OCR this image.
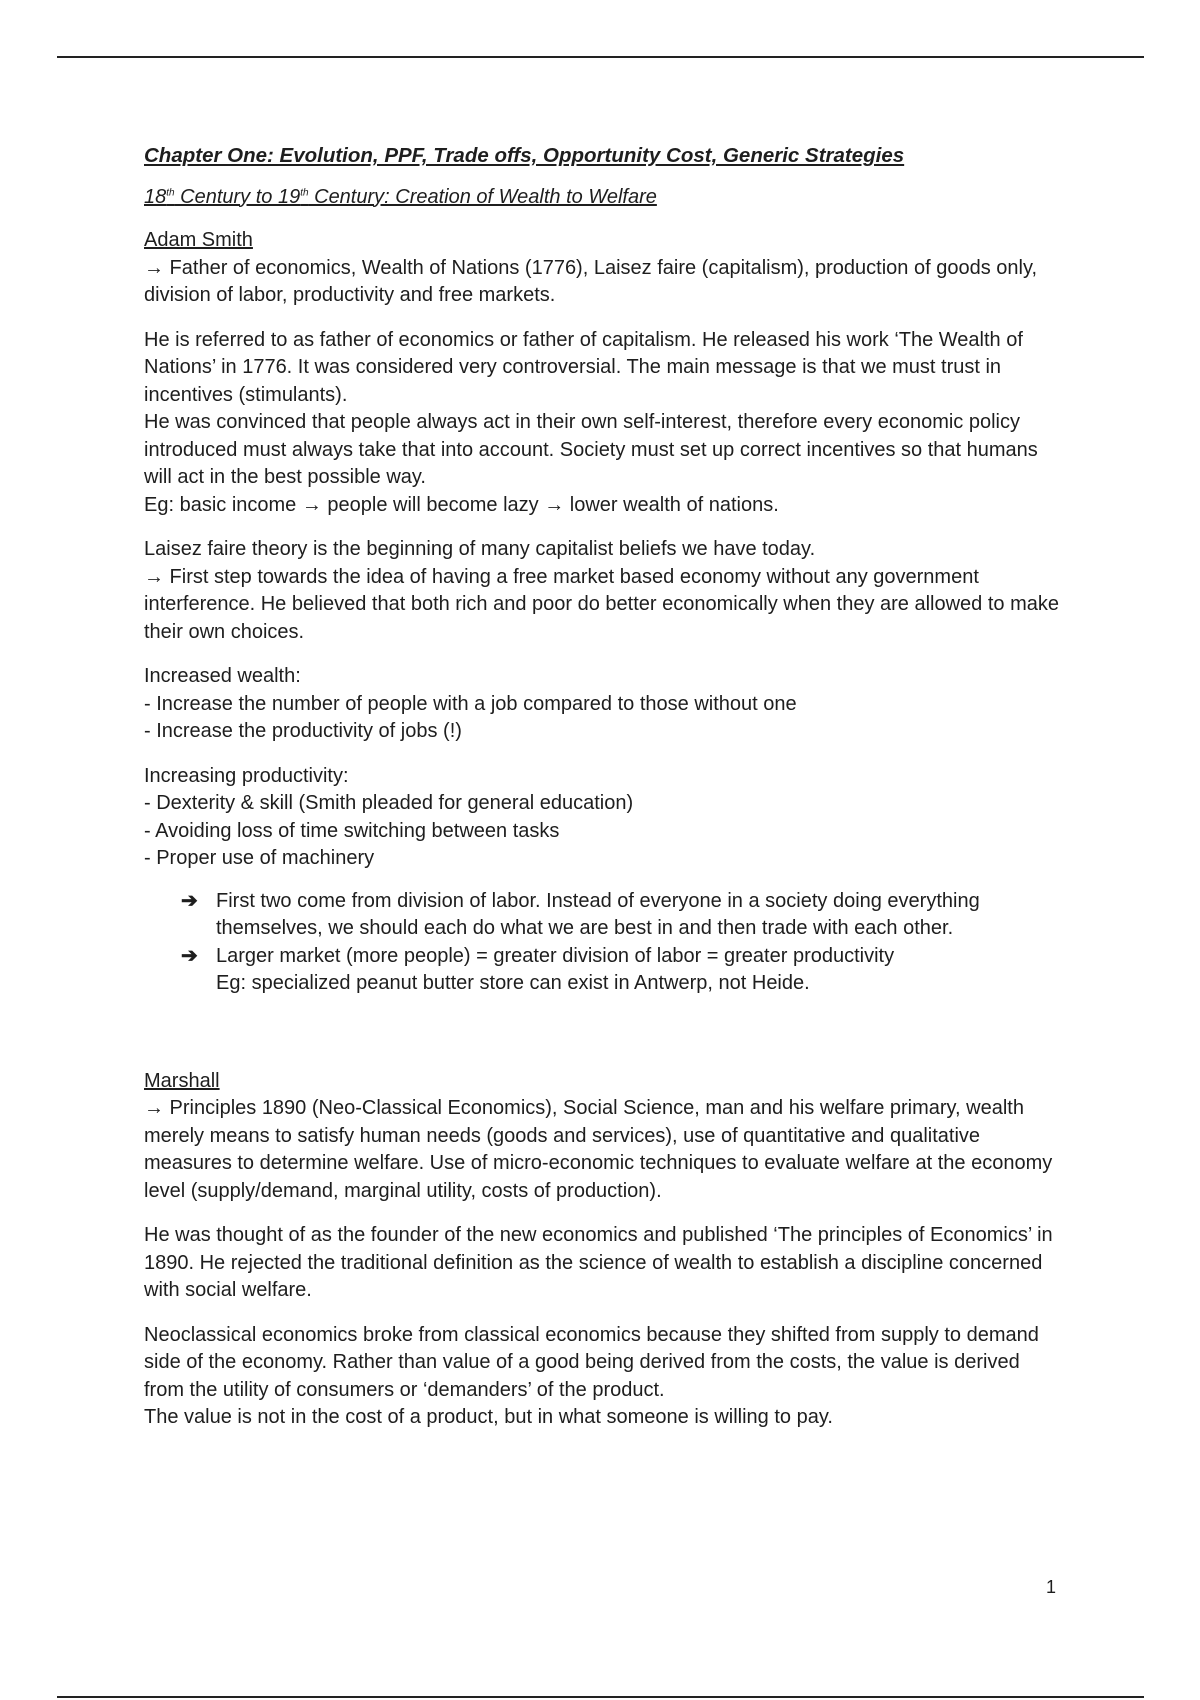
Chapter One: Evolution, PPF, Trade offs, Opportunity Cost, Generic Strategies

18th Century to 19th Century: Creation of Wealth to Welfare

Adam Smith

→ Father of economics, Wealth of Nations (1776), Laisez faire (capitalism), production of goods only, division of labor, productivity and free markets.

He is referred to as father of economics or father of capitalism. He released his work ‘The Wealth of Nations’ in 1776. It was considered very controversial. The main message is that we must trust in incentives (stimulants).

He was convinced that people always act in their own self-interest, therefore every economic policy introduced must always take that into account. Society must set up correct incentives so that humans will act in the best possible way.

Eg: basic income → people will become lazy → lower wealth of nations.

Laisez faire theory is the beginning of many capitalist beliefs we have today.

→ First step towards the idea of having a free market based economy without any government interference. He believed that both rich and poor do better economically when they are allowed to make their own choices.

Increased wealth:

- Increase the number of people with a job compared to those without one

- Increase the productivity of jobs (!)

Increasing productivity:

- Dexterity & skill (Smith pleaded for general education)

- Avoiding loss of time switching between tasks

- Proper use of machinery

➔ First two come from division of labor. Instead of everyone in a society doing everything themselves, we should each do what we are best in and then trade with each other.
➔ Larger market (more people) = greater division of labor = greater productivity
Eg: specialized peanut butter store can exist in Antwerp, not Heide.

Marshall

→ Principles 1890 (Neo-Classical Economics), Social Science, man and his welfare primary, wealth merely means to satisfy human needs (goods and services), use of quantitative and qualitative measures to determine welfare. Use of micro-economic techniques to evaluate welfare at the economy level (supply/demand, marginal utility, costs of production).

He was thought of as the founder of the new economics and published ‘The principles of Economics’ in 1890. He rejected the traditional definition as the science of wealth to establish a discipline concerned with social welfare.

Neoclassical economics broke from classical economics because they shifted from supply to demand side of the economy. Rather than value of a good being derived from the costs, the value is derived from the utility of consumers or ‘demanders’ of the product.

The value is not in the cost of a product, but in what someone is willing to pay.

1
